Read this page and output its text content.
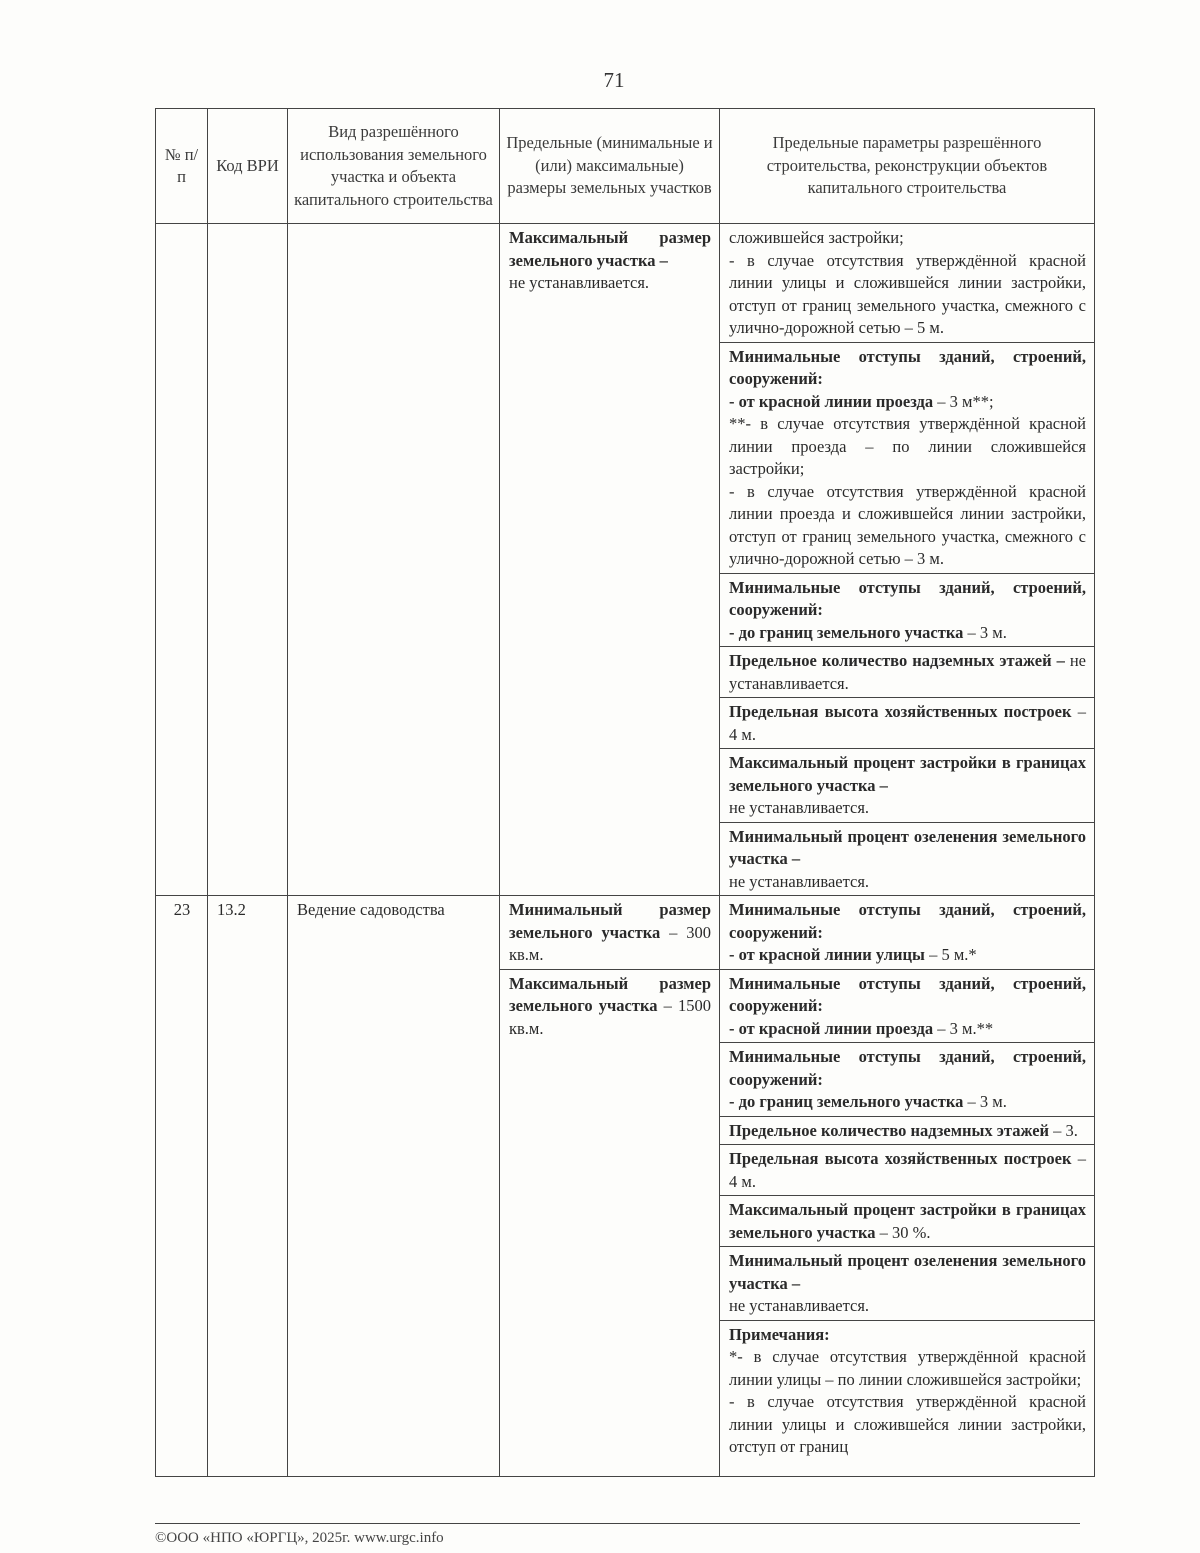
71
№ п/п	Код ВРИ	Вид разрешённого использования земельного участка и объекта капитального строительства	Предельные (минимальные и (или) максимальные) размеры земельных участков	Предельные параметры разрешённого строительства, реконструкции объектов капитального строительства
			Максимальный размер земельного участка –
не устанавливается.	сложившейся застройки;
- в случае отсутствия утверждённой красной линии улицы и сложившейся линии застройки, отступ от границ земельного участка, смежного с улично-дорожной сетью – 5 м.
				Минимальные отступы зданий, строений, сооружений:
- от красной линии проезда – 3 м**;
**- в случае отсутствия утверждённой красной линии проезда – по линии сложившейся застройки;
- в случае отсутствия утверждённой красной линии проезда и сложившейся линии застройки, отступ от границ земельного участка, смежного с улично-дорожной сетью – 3 м.
				Минимальные отступы зданий, строений, сооружений:
- до границ земельного участка – 3 м.
				Предельное количество надземных этажей – не устанавливается.
				Предельная высота хозяйственных построек – 4 м.
				Максимальный процент застройки в границах земельного участка –
не устанавливается.
				Минимальный процент озеленения земельного участка –
не устанавливается.
23	13.2	Ведение садоводства	Минимальный размер земельного участка – 300 кв.м.	Минимальные отступы зданий, строений, сооружений:
- от красной линии улицы – 5 м.*
			Максимальный размер земельного участка – 1500 кв.м.	Минимальные отступы зданий, строений, сооружений:
- от красной линии проезда – 3 м.**
				Минимальные отступы зданий, строений, сооружений:
- до границ земельного участка – 3 м.
				Предельное количество надземных этажей – 3.
				Предельная высота хозяйственных построек – 4 м.
				Максимальный процент застройки в границах земельного участка – 30 %.
				Минимальный процент озеленения земельного участка –
не устанавливается.
				Примечания:
*- в случае отсутствия утверждённой красной линии улицы – по линии сложившейся застройки;
- в случае отсутствия утверждённой красной линии улицы и сложившейся линии застройки, отступ от границ
©ООО «НПО «ЮРГЦ», 2025г. www.urgc.info
